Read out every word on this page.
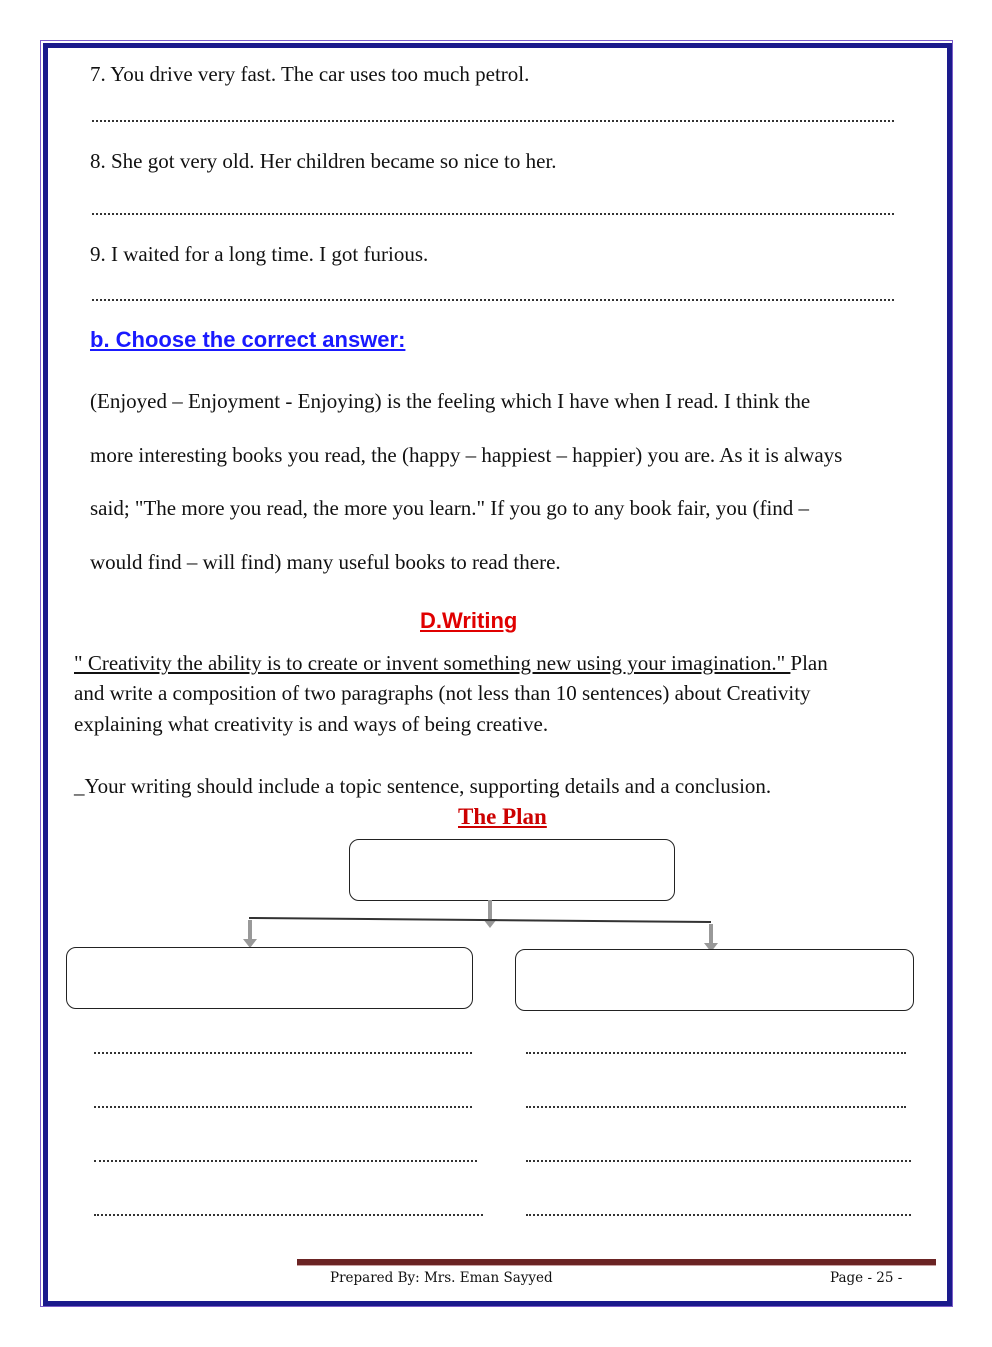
7. You drive very fast. The car uses too much petrol.
8. She got very old. Her children became so nice to her.
9. I waited for a long time. I got furious.
b. Choose the correct answer:
(Enjoyed – Enjoyment - Enjoying) is the feeling which I have when I read. I think the
more interesting books you read, the (happy – happiest – happier) you are. As it is always
said; "The more you read, the more you learn." If you go to any book fair, you (find –
would find – will find) many useful books to read there.
D.Writing
" Creativity the ability is to create or invent something new using your imagination." Plan
and write a composition of two paragraphs (not less than 10 sentences) about Creativity
explaining what creativity is and ways of being creative.
_Your writing should include a topic sentence, supporting details and a conclusion.
The Plan
Prepared By: Mrs. Eman Sayyed	Page - 25 -
